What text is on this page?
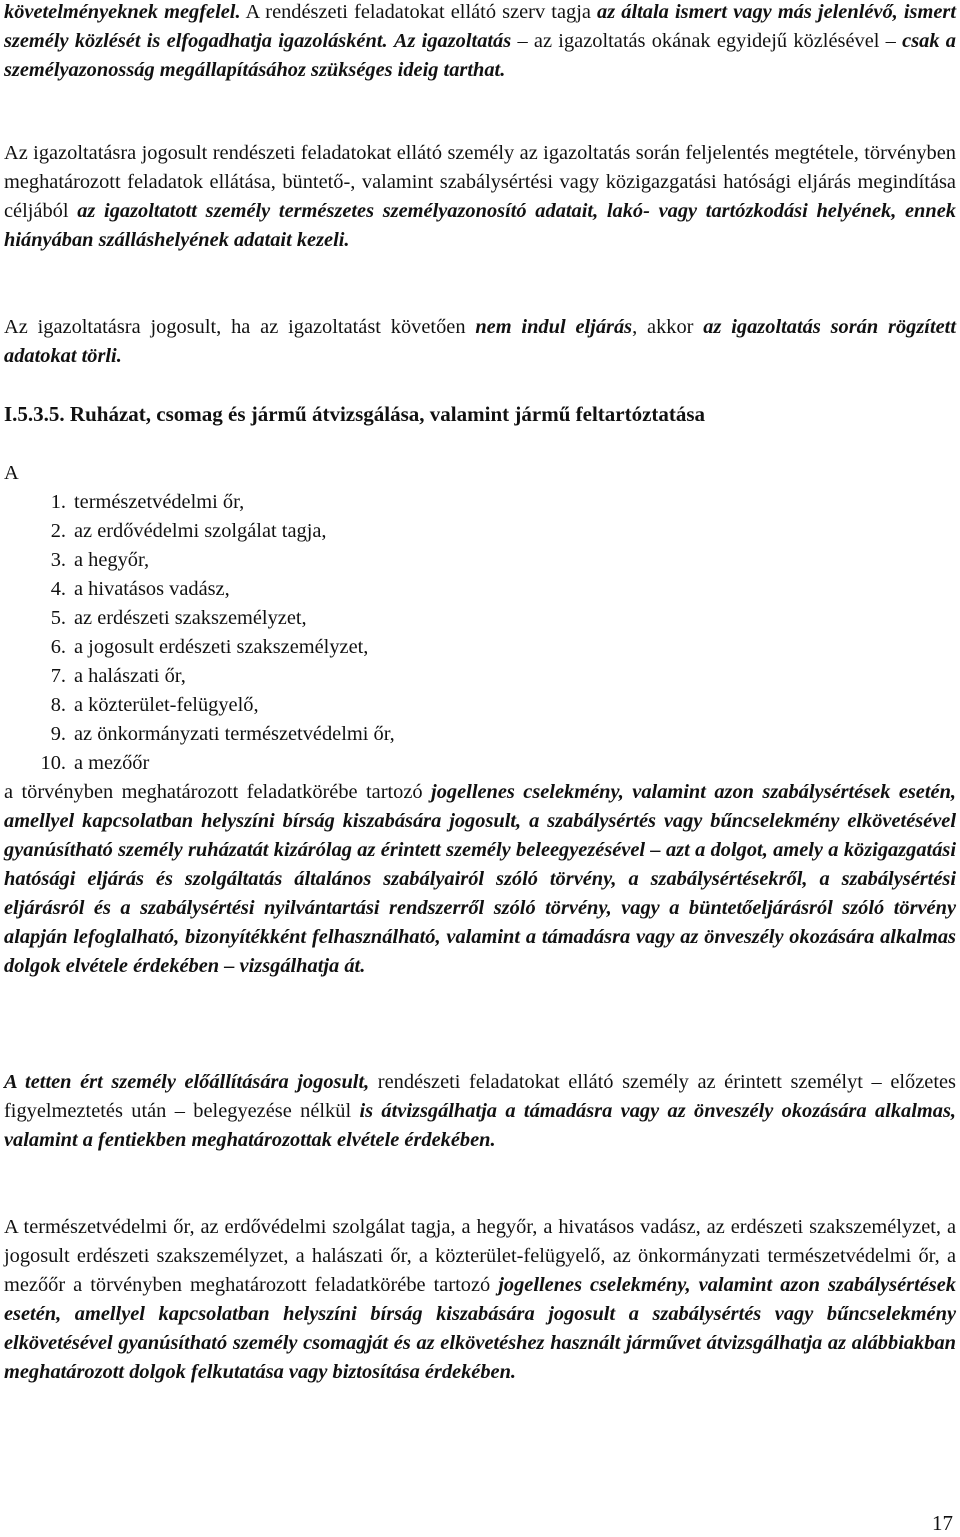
követelményeknek megfelel. A rendészeti feladatokat ellátó szerv tagja az általa ismert vagy más jelenlévő, ismert személy közlését is elfogadhatja igazolásként. Az igazoltatás – az igazoltatás okának egyidejű közlésével – csak a személyazonosság megállapításához szükséges ideig tarthat.

Az igazoltatásra jogosult rendészeti feladatokat ellátó személy az igazoltatás során feljelentés megtétele, törvényben meghatározott feladatok ellátása, büntető-, valamint szabálysértési vagy közigazgatási hatósági eljárás megindítása céljából az igazoltatott személy természetes személyazonosító adatait, lakó- vagy tartózkodási helyének, ennek hiányában szálláshelyének adatait kezeli.

Az igazoltatásra jogosult, ha az igazoltatást követően nem indul eljárás, akkor az igazoltatás során rögzített adatokat törli.

I.5.3.5. Ruházat, csomag és jármű átvizsgálása, valamint jármű feltartóztatása

A

1. természetvédelmi őr,
2. az erdővédelmi szolgálat tagja,
3. a hegyőr,
4. a hivatásos vadász,
5. az erdészeti szakszemélyzet,
6. a jogosult erdészeti szakszemélyzet,
7. a halászati őr,
8. a közterület-felügyelő,
9. az önkormányzati természetvédelmi őr,
10. a mezőőr

a törvényben meghatározott feladatkörébe tartozó jogellenes cselekmény, valamint azon szabálysértések esetén, amellyel kapcsolatban helyszíni bírság kiszabására jogosult, a szabálysértés vagy bűncselekmény elkövetésével gyanúsítható személy ruházatát kizárólag az érintett személy beleegyezésével – azt a dolgot, amely a közigazgatási hatósági eljárás és szolgáltatás általános szabályairól szóló törvény, a szabálysértésekről, a szabálysértési eljárásról és a szabálysértési nyilvántartási rendszerről szóló törvény, vagy a büntetőeljárásról szóló törvény alapján lefoglalható, bizonyítékként felhasználható, valamint a támadásra vagy az önveszély okozására alkalmas dolgok elvétele érdekében – vizsgálhatja át.

A tetten ért személy előállítására jogosult, rendészeti feladatokat ellátó személy az érintett személyt – előzetes figyelmeztetés után – belegyezése nélkül is átvizsgálhatja a támadásra vagy az önveszély okozására alkalmas, valamint a fentiekben meghatározottak elvétele érdekében.

A természetvédelmi őr, az erdővédelmi szolgálat tagja, a hegyőr, a hivatásos vadász, az erdészeti szakszemélyzet, a jogosult erdészeti szakszemélyzet, a halászati őr, a közterület-felügyelő, az önkormányzati természetvédelmi őr, a mezőőr a törvényben meghatározott feladatkörébe tartozó jogellenes cselekmény, valamint azon szabálysértések esetén, amellyel kapcsolatban helyszíni bírság kiszabására jogosult a szabálysértés vagy bűncselekmény elkövetésével gyanúsítható személy csomagját és az elkövetéshez használt járművet átvizsgálhatja az alábbiakban meghatározott dolgok felkutatása vagy biztosítása érdekében.

17
